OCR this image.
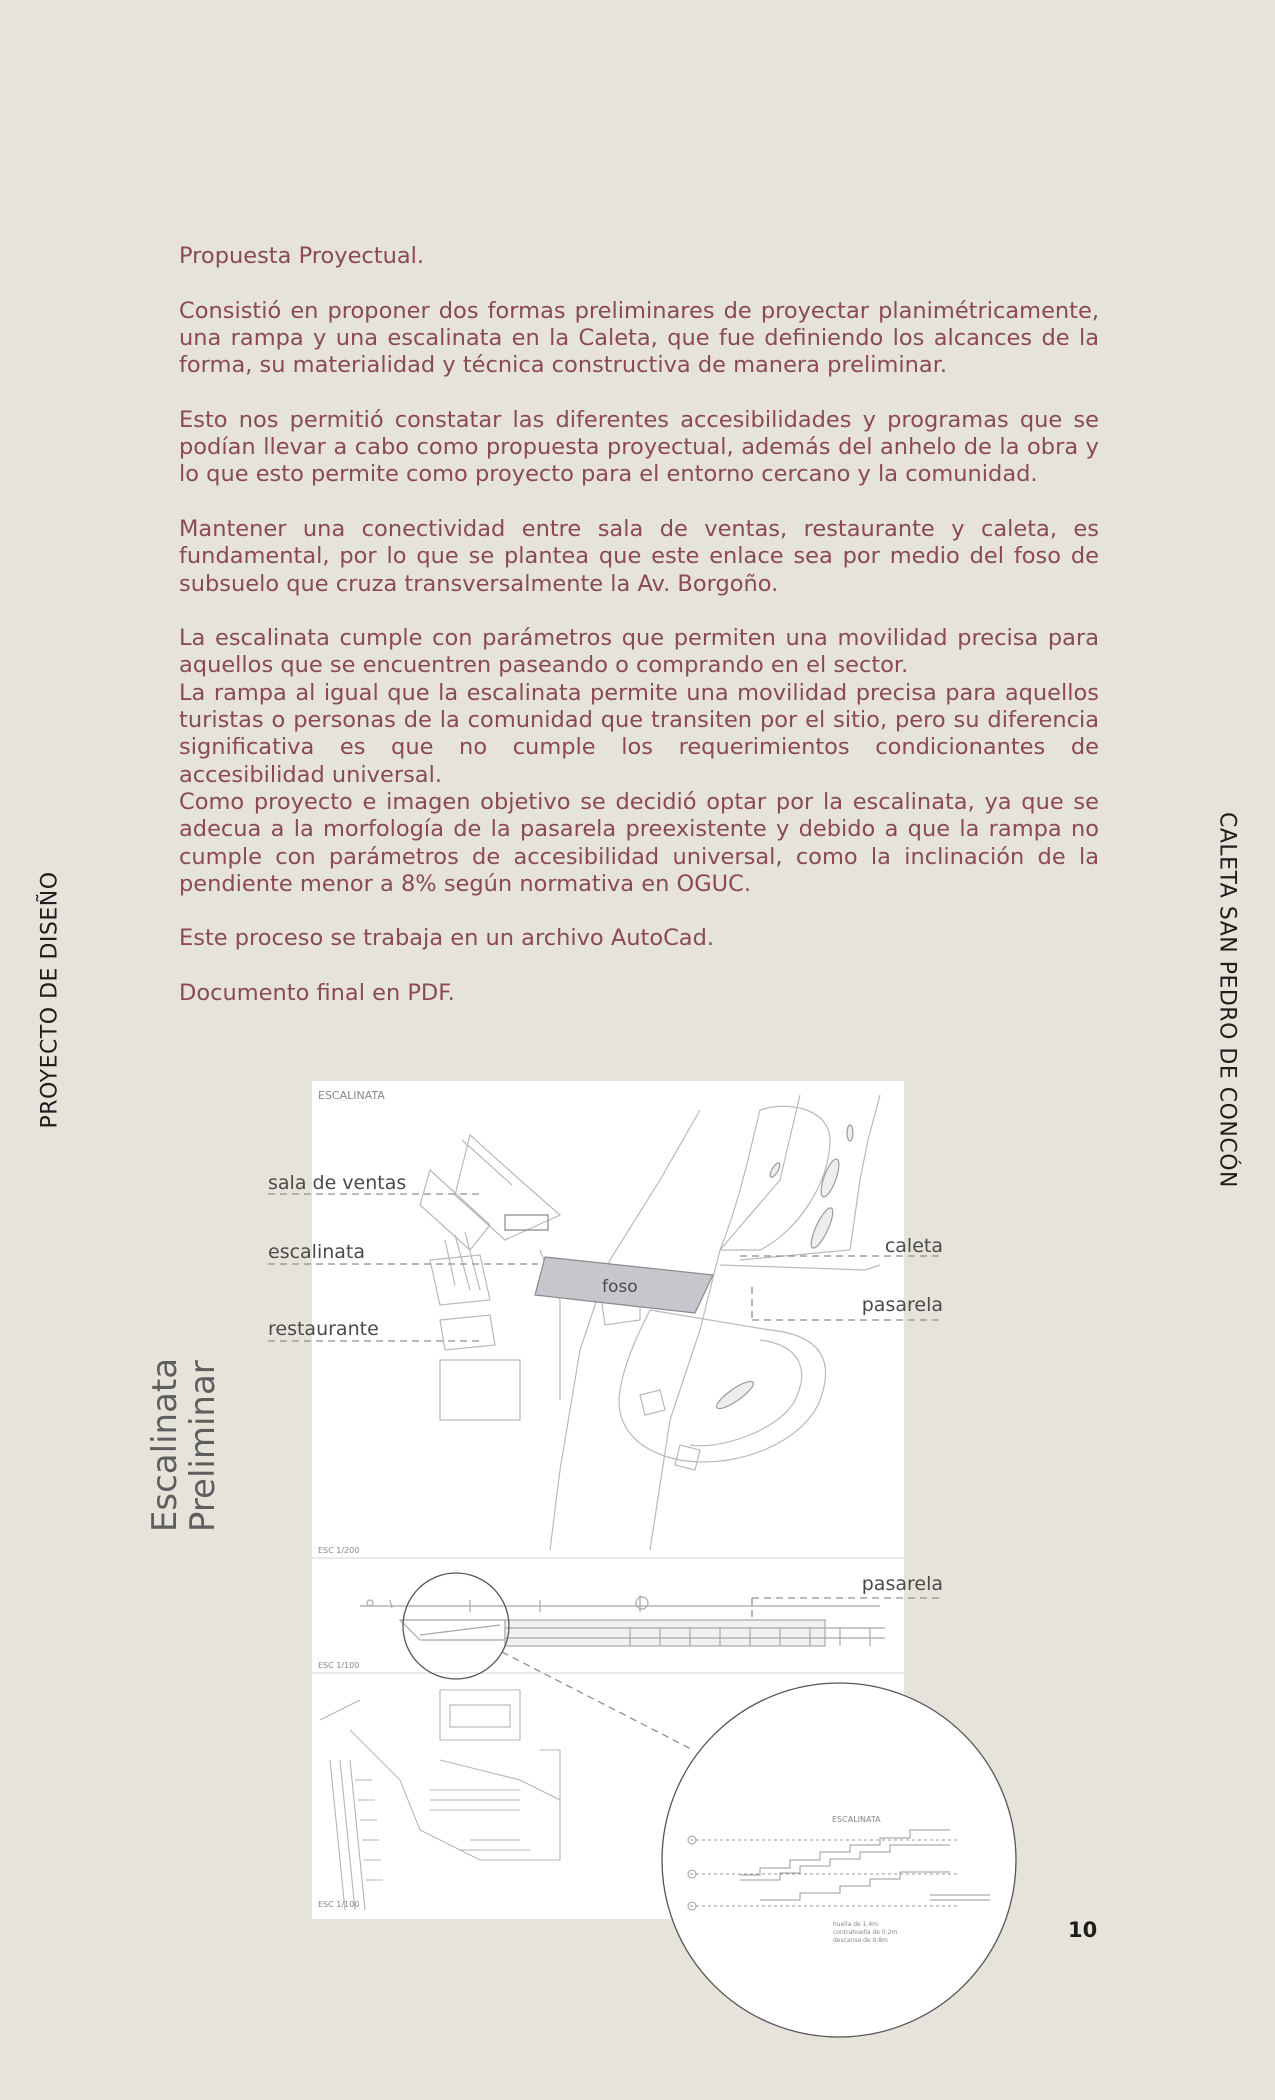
PROYECTO DE DISEÑO	CALETA SAN PEDRO DE CONCÓN

Propuesta Proyectual.

Consistió en proponer dos formas preliminares de proyectar planimétricamente, una rampa y una escalinata en la Caleta, que fue definiendo los alcances de la forma, su materialidad y técnica constructiva de manera preliminar.

Esto nos permitió constatar las diferentes accesibilidades y programas que se podían llevar a cabo como propuesta proyectual, además del anhelo de la obra y lo que esto permite como proyecto para el entorno cercano y la comunidad.

Mantener una conectividad entre sala de ventas, restaurante y caleta, es fundamental, por lo que se plantea que este enlace sea por medio del foso de subsuelo que cruza transversalmente la Av. Borgoño.

La escalinata cumple con parámetros que permiten una movilidad precisa para aquellos que se encuentren paseando o comprando en el sector.

La rampa al igual que la escalinata permite una movilidad precisa para aquellos turistas o personas de la comunidad que transiten por el sitio, pero su diferencia significativa es que no cumple los requerimientos condicionantes de accesibilidad universal.

Como proyecto e imagen objetivo se decidió optar por la escalinata, ya que se adecua a la morfología de la pasarela preexistente y debido a que la rampa no cumple con parámetros de accesibilidad universal, como la inclinación de la pendiente menor a 8% según normativa en OGUC.

Este proceso se trabaja en un archivo AutoCad.

Documento final en PDF.

Escalinata
Preliminar
ESCALINATA
foso
sala de ventas
escalinata
restaurante
caleta
pasarela
pasarela
ESC 1/200
ESC 1/100
ESC 1/100
ESCALINATA
huella de 1.4m
contrahuella de 0.2m
descanso de 0.8m	10
